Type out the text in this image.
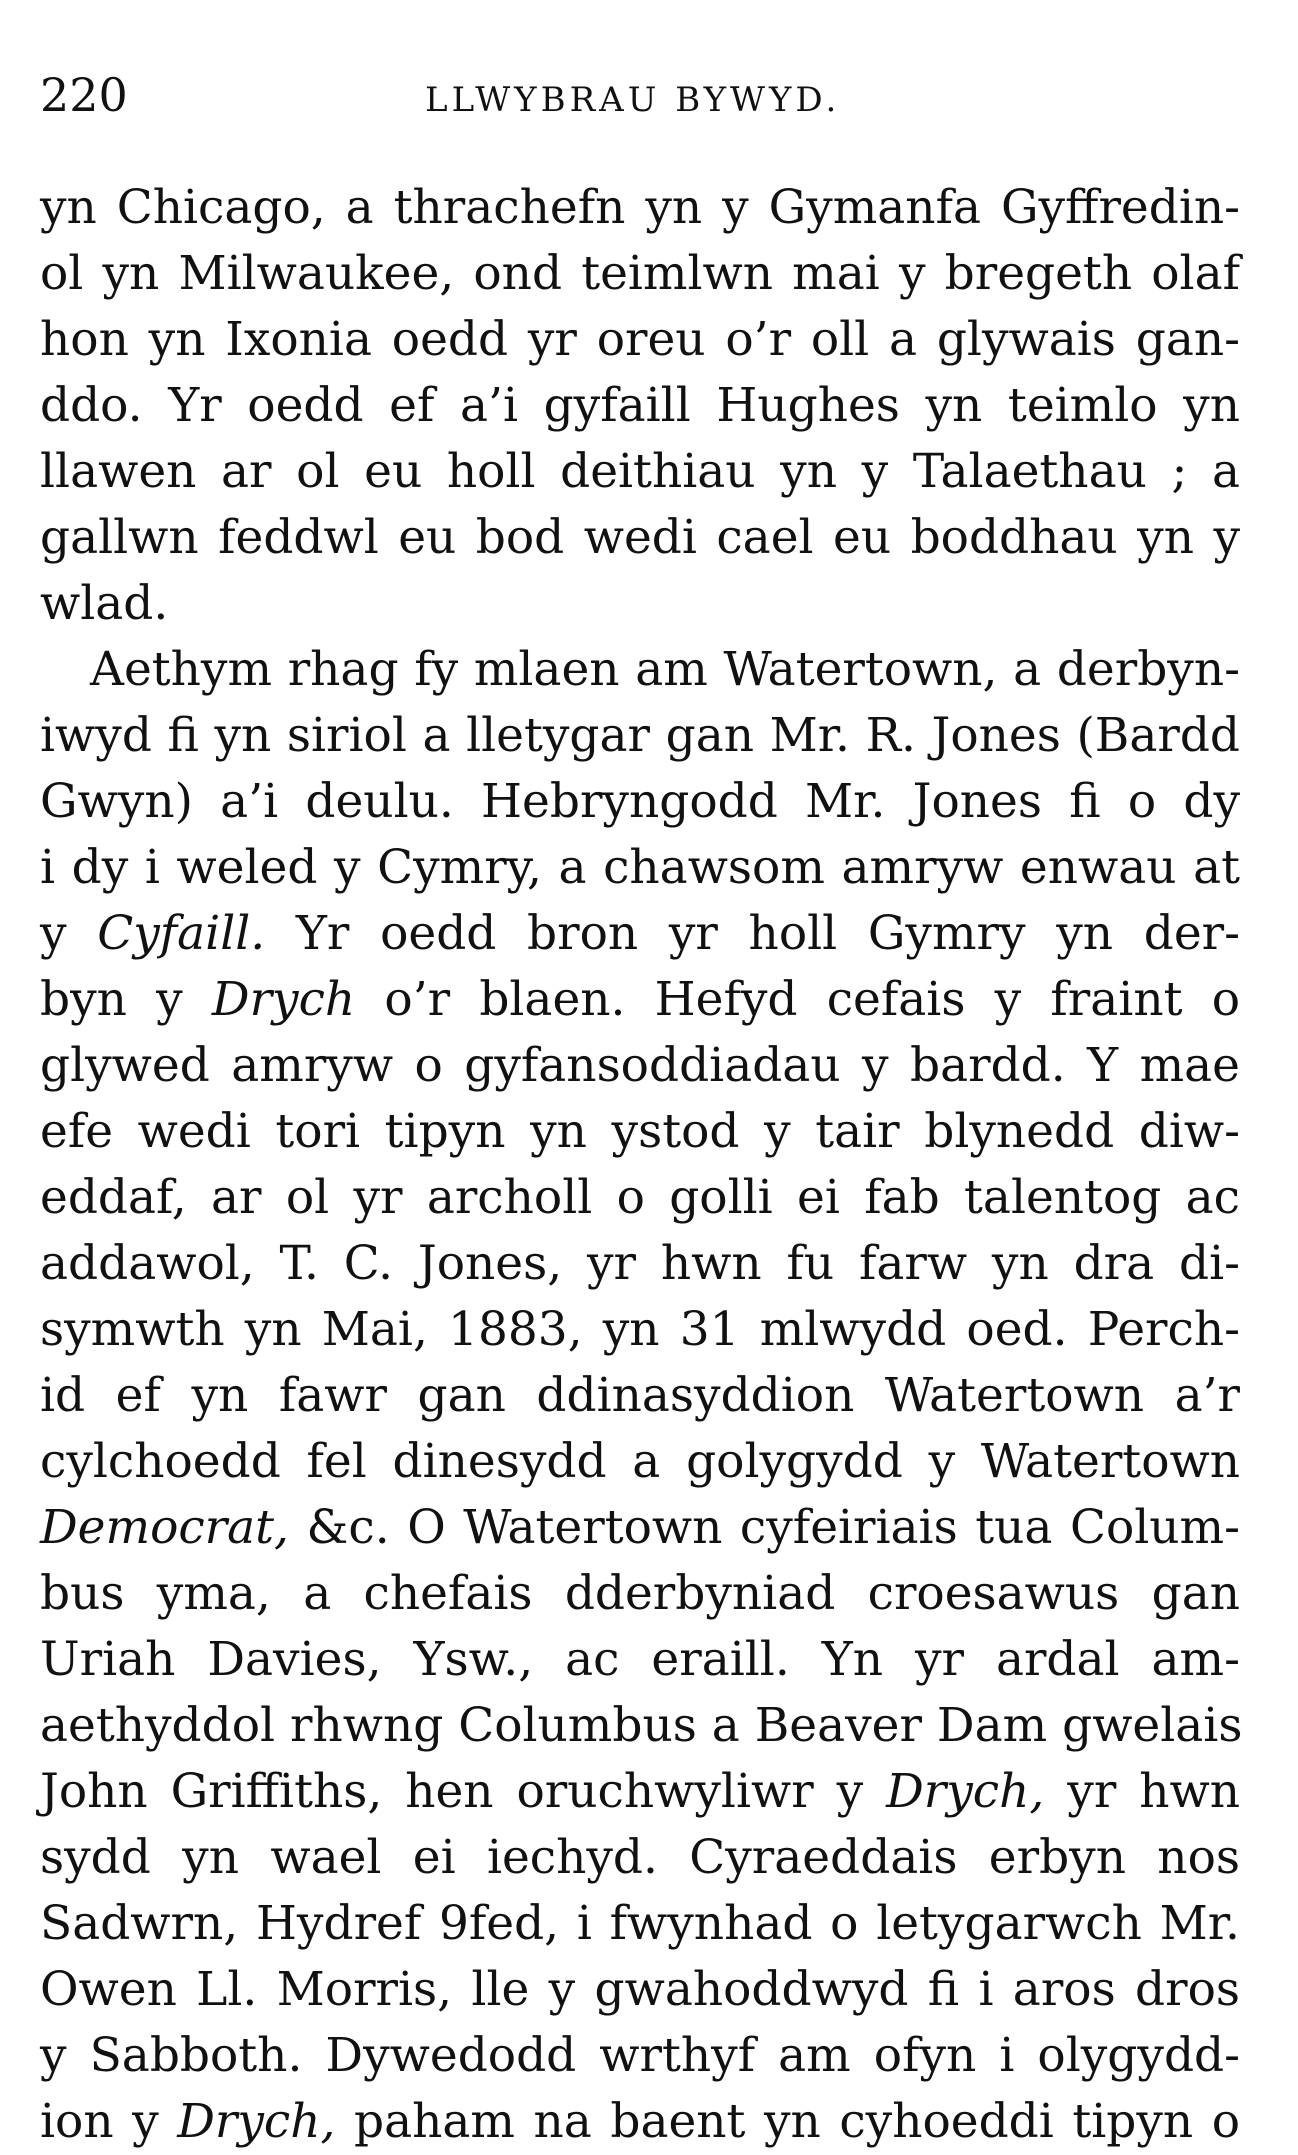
220	LLWYBRAU BYWYD.
yn Chicago, a thrachefn yn y Gymanfa Gyffredin-
ol yn Milwaukee, ond teimlwn mai y bregeth olaf
hon yn Ixonia oedd yr oreu o’r oll a glywais gan-
ddo. Yr oedd ef a’i gyfaill Hughes yn teimlo yn
llawen ar ol eu holl deithiau yn y Talaethau ; a
gallwn feddwl eu bod wedi cael eu boddhau yn y
wlad.
Aethym rhag fy mlaen am Watertown, a derbyn-
iwyd fi yn siriol a lletygar gan Mr. R. Jones (Bardd
Gwyn) a’i deulu. Hebryngodd Mr. Jones fi o dy
i dy i weled y Cymry, a chawsom amryw enwau at
y Cyfaill. Yr oedd bron yr holl Gymry yn der-
byn y Drych o’r blaen. Hefyd cefais y fraint o
glywed amryw o gyfansoddiadau y bardd. Y mae
efe wedi tori tipyn yn ystod y tair blynedd diw-
eddaf, ar ol yr archoll o golli ei fab talentog ac
addawol, T. C. Jones, yr hwn fu farw yn dra di-
symwth yn Mai, 1883, yn 31 mlwydd oed. Perch-
id ef yn fawr gan ddinasyddion Watertown a’r
cylchoedd fel dinesydd a golygydd y Watertown
Democrat, &c. O Watertown cyfeiriais tua Colum-
bus yma, a chefais dderbyniad croesawus gan
Uriah Davies, Ysw., ac eraill. Yn yr ardal am-
aethyddol rhwng Columbus a Beaver Dam gwelais
John Griffiths, hen oruchwyliwr y Drych, yr hwn
sydd yn wael ei iechyd. Cyraeddais erbyn nos
Sadwrn, Hydref 9fed, i fwynhad o letygarwch Mr.
Owen Ll. Morris, lle y gwahoddwyd fi i aros dros
y Sabboth. Dywedodd wrthyf am ofyn i olygydd-
ion y Drych, paham na baent yn cyhoeddi tipyn o
